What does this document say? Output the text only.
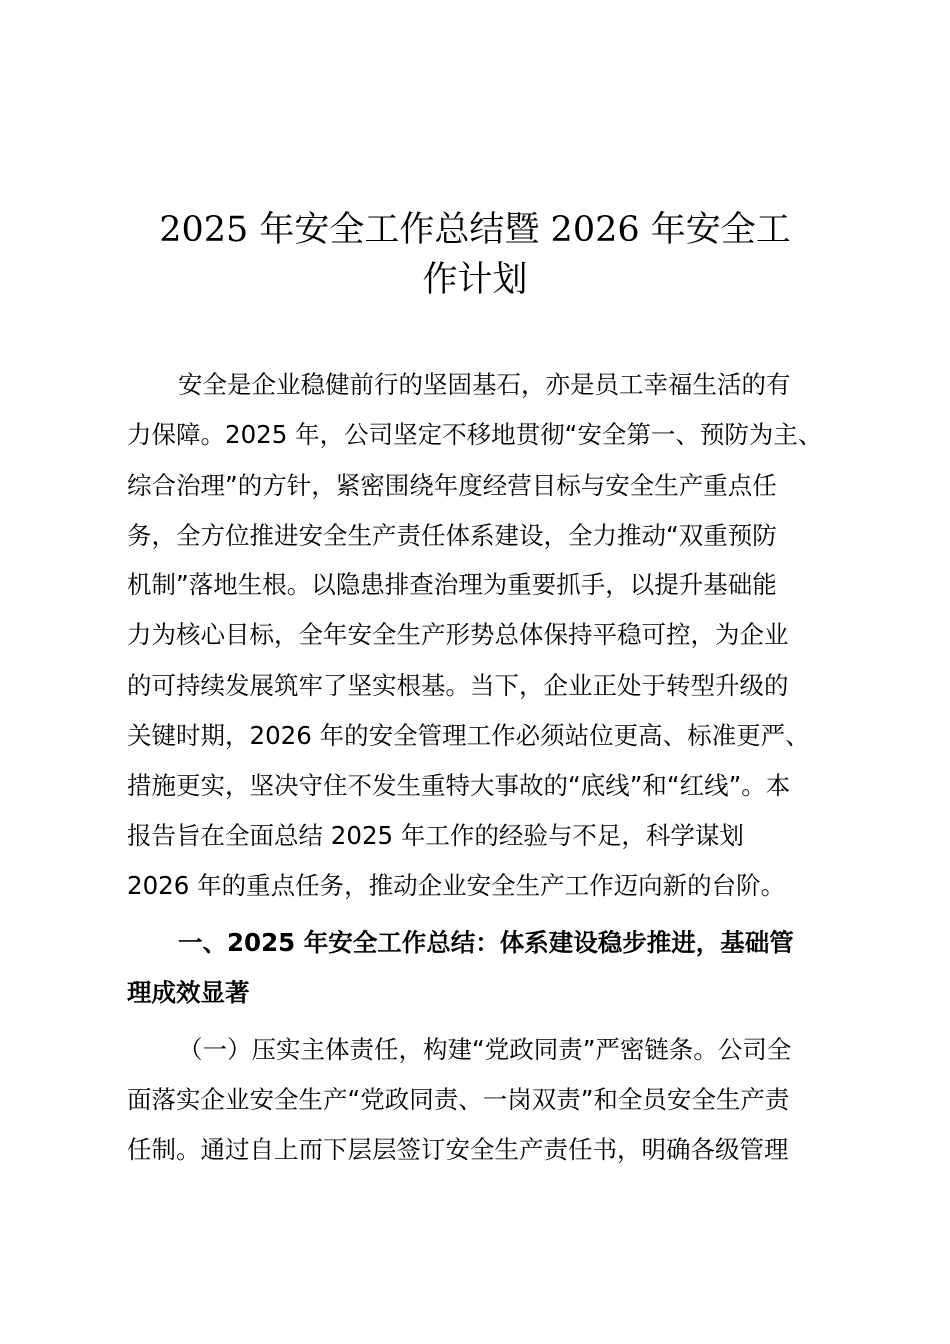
2025 年安全工作总结暨 2026 年安全工
作计划
安全是企业稳健前行的坚固基石，亦是员工幸福生活的有
力保障。2025 年，公司坚定不移地贯彻“安全第一、预防为主、
综合治理”的方针，紧密围绕年度经营目标与安全生产重点任
务，全方位推进安全生产责任体系建设，全力推动“双重预防
机制”落地生根。以隐患排查治理为重要抓手，以提升基础能
力为核心目标，全年安全生产形势总体保持平稳可控，为企业
的可持续发展筑牢了坚实根基。当下，企业正处于转型升级的
关键时期，2026 年的安全管理工作必须站位更高、标准更严、
措施更实，坚决守住不发生重特大事故的“底线”和“红线”。本
报告旨在全面总结 2025 年工作的经验与不足，科学谋划
2026 年的重点任务，推动企业安全生产工作迈向新的台阶。
一、2025 年安全工作总结：体系建设稳步推进，基础管
理成效显著
（一）压实主体责任，构建“党政同责”严密链条。公司全
面落实企业安全生产“党政同责、一岗双责”和全员安全生产责
任制。通过自上而下层层签订安全生产责任书，明确各级管理
